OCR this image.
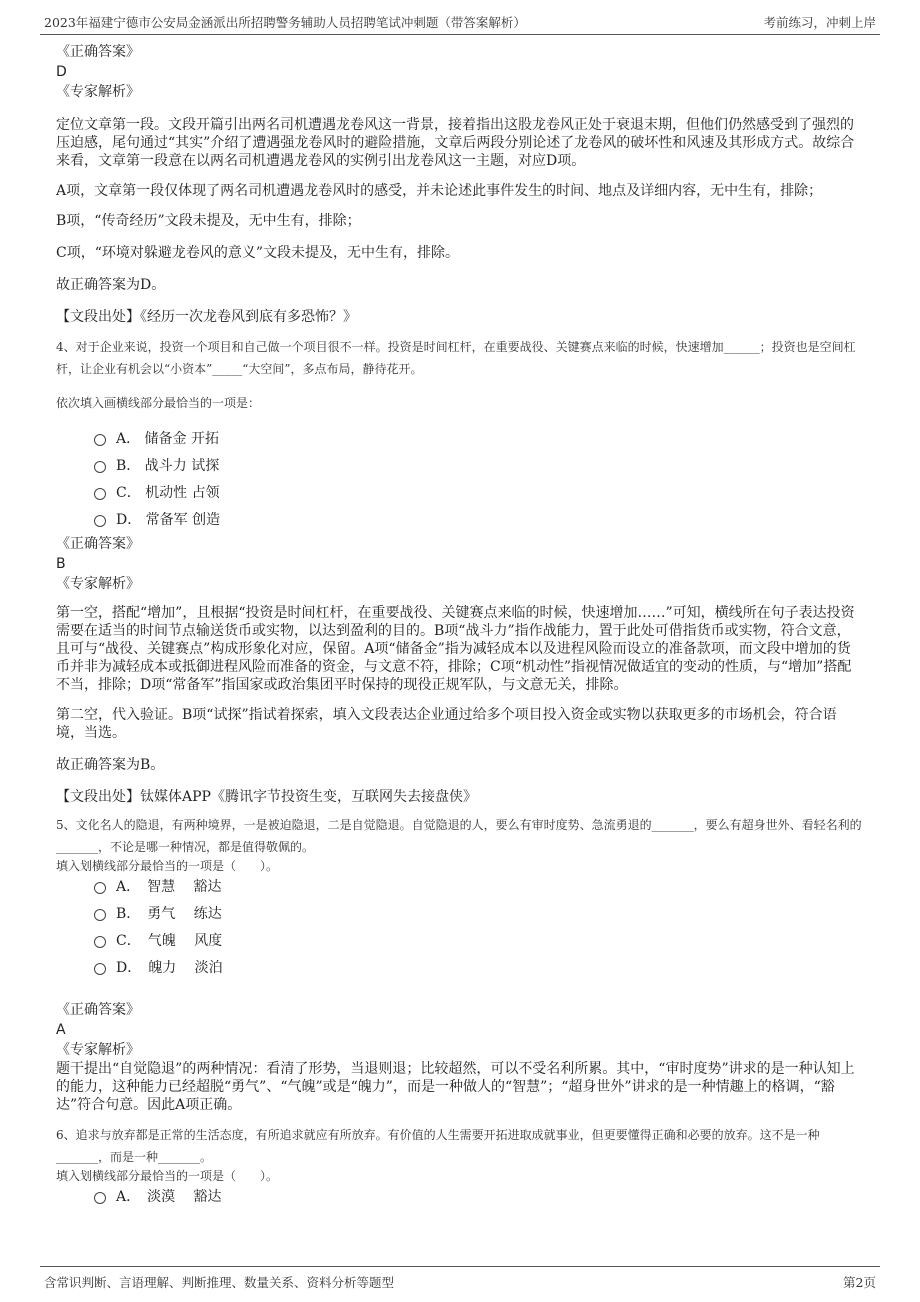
2023年福建宁德市公安局金涵派出所招聘警务辅助人员招聘笔试冲刺题（带答案解析）	考前练习，冲刺上岸
《正确答案》
D
《专家解析》

定位文章第一段。文段开篇引出两名司机遭遇龙卷风这一背景，接着指出这股龙卷风正处于衰退末期，但他们仍然感受到了强烈的压迫感，尾句通过“其实”介绍了遭遇强龙卷风时的避险措施，文章后两段分别论述了龙卷风的破坏性和风速及其形成方式。故综合来看，文章第一段意在以两名司机遭遇龙卷风的实例引出龙卷风这一主题，对应D项。

A项，文章第一段仅体现了两名司机遭遇龙卷风时的感受，并未论述此事件发生的时间、地点及详细内容，无中生有，排除；

B项，“传奇经历”文段未提及，无中生有，排除；

C项，“环境对躲避龙卷风的意义”文段未提及，无中生有，排除。

故正确答案为D。

【文段出处】《经历一次龙卷风到底有多恐怖？》

4、对于企业来说，投资一个项目和自己做一个项目很不一样。投资是时间杠杆，在重要战役、关键赛点来临的时候，快速增加______；投资也是空间杠杆，让企业有机会以“小资本”_____“大空间”，多点布局，静待花开。

依次填入画横线部分最恰当的一项是：

A． 储备金 开拓
B． 战斗力 试探
C． 机动性 占领
D． 常备军 创造
《正确答案》
B
《专家解析》

第一空，搭配“增加”，且根据“投资是时间杠杆，在重要战役、关键赛点来临的时候，快速增加……”可知，横线所在句子表达投资需要在适当的时间节点输送货币或实物，以达到盈利的目的。B项“战斗力”指作战能力，置于此处可借指货币或实物，符合文意，且可与“战役、关键赛点”构成形象化对应，保留。A项“储备金”指为减轻成本以及进程风险而设立的准备款项，而文段中增加的货币并非为减轻成本或抵御进程风险而准备的资金，与文意不符，排除；C项“机动性”指视情况做适宜的变动的性质，与“增加”搭配不当，排除；D项“常备军”指国家或政治集团平时保持的现役正规军队，与文意无关，排除。

第二空，代入验证。B项“试探”指试着探索，填入文段表达企业通过给多个项目投入资金或实物以获取更多的市场机会，符合语境，当选。

故正确答案为B。

【文段出处】钛媒体APP《腾讯字节投资生变，互联网失去接盘侠》

5、文化名人的隐退，有两种境界，一是被迫隐退，二是自觉隐退。自觉隐退的人，要么有审时度势、急流勇退的_______，要么有超身世外、看轻名利的_______，不论是哪一种情况，都是值得敬佩的。

填入划横线部分最恰当的一项是（　　）。

A．　智慧　 豁达
B．　勇气　 练达
C．　气魄　 风度
D．　魄力　 淡泊
《正确答案》
A
《专家解析》

题干提出“自觉隐退”的两种情况：看清了形势，当退则退；比较超然，可以不受名利所累。其中，“审时度势”讲求的是一种认知上的能力，这种能力已经超脱“勇气”、“气魄”或是“魄力”，而是一种做人的“智慧”；“超身世外”讲求的是一种情趣上的格调，“豁达”符合句意。因此A项正确。

6、追求与放弃都是正常的生活态度，有所追求就应有所放弃。有价值的人生需要开拓进取成就事业，但更要懂得正确和必要的放弃。这不是一种_______，而是一种_______。

填入划横线部分最恰当的一项是（　　）。

A．　淡漠　 豁达
含常识判断、言语理解、判断推理、数量关系、资料分析等题型	第2页
